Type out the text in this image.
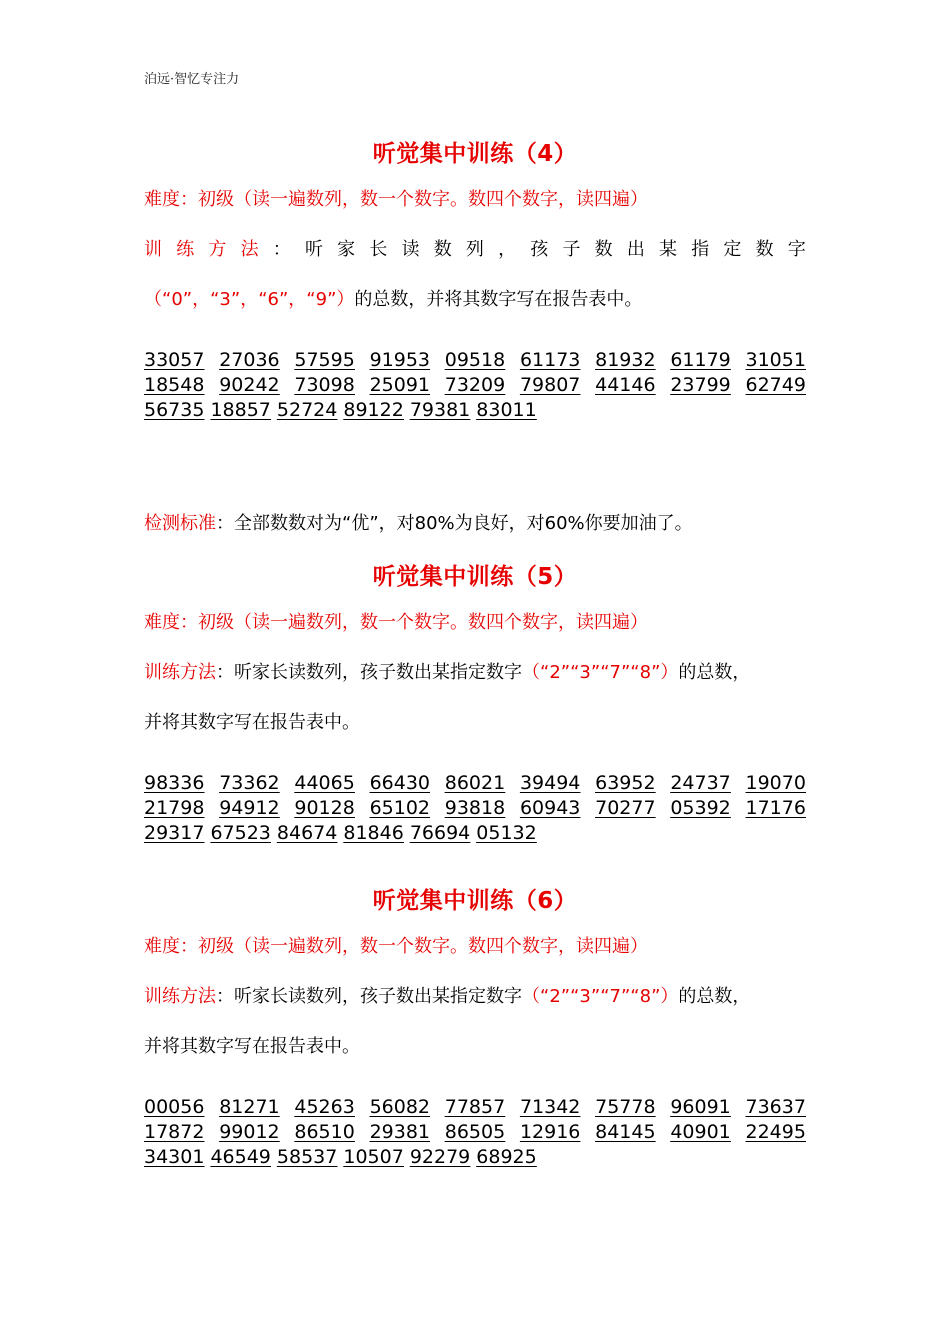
泊远·智忆专注力
听觉集中训练（4）
难度：初级（读一遍数列，数一个数字。数四个数字，读四遍）
训 练 方 法 ： 听 家 长 读 数 列 ， 孩 子 数 出 某 指 定 数 字
（“0”，“3”，“6”，“9”）的总数，并将其数字写在报告表中。
33057 27036 57595 91953 09518 61173 81932 61179 31051
18548 90242 73098 25091 73209 79807 44146 23799 62749
56735 18857 52724 89122 79381 83011
检测标准：全部数数对为“优”，对80%为良好，对60%你要加油了。
听觉集中训练（5）
难度：初级（读一遍数列，数一个数字。数四个数字，读四遍）
训练方法：听家长读数列，孩子数出某指定数字（“2”“3”“7”“8”）的总数，
并将其数字写在报告表中。
98336 73362 44065 66430 86021 39494 63952 24737 19070
21798 94912 90128 65102 93818 60943 70277 05392 17176
29317 67523 84674 81846 76694 05132
听觉集中训练（6）
难度：初级（读一遍数列，数一个数字。数四个数字，读四遍）
训练方法：听家长读数列，孩子数出某指定数字（“2”“3”“7”“8”）的总数，
并将其数字写在报告表中。
00056 81271 45263 56082 77857 71342 75778 96091 73637
17872 99012 86510 29381 86505 12916 84145 40901 22495
34301 46549 58537 10507 92279 68925
